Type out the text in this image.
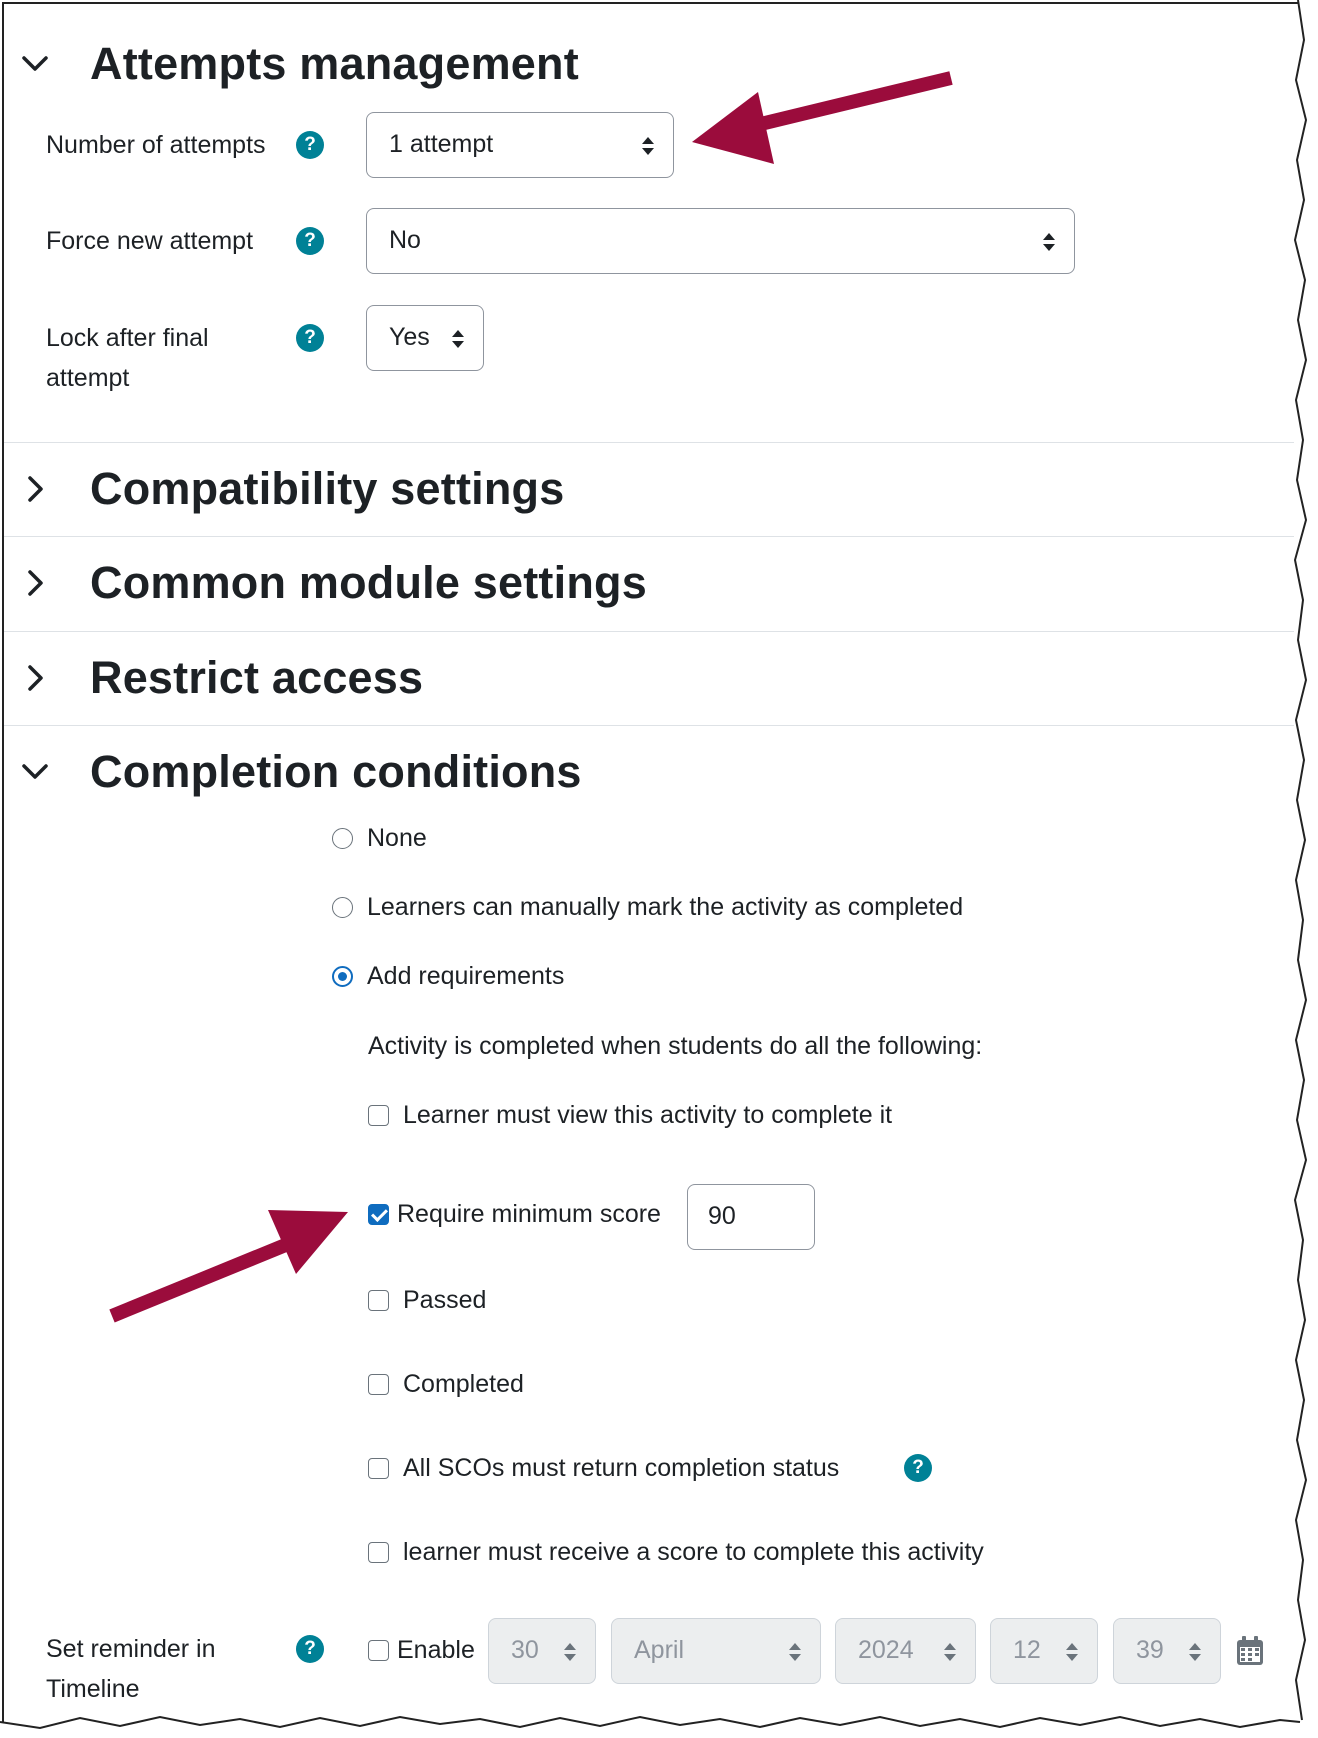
Attempts management
Number of attempts	?	1 attempt
Force new attempt	?	No
Lock after final
attempt
?	Yes
Compatibility settings
Common module settings
Restrict access
Completion conditions
None
Learners can manually mark the activity as completed
Add requirements
Activity is completed when students do all the following:
Learner must view this activity to complete it
Require minimum score	90
Passed
Completed
All SCOs must return completion status	?
learner must receive a score to complete this activity
Set reminder in
Timeline
?	Enable	30	April	2024	12	39
